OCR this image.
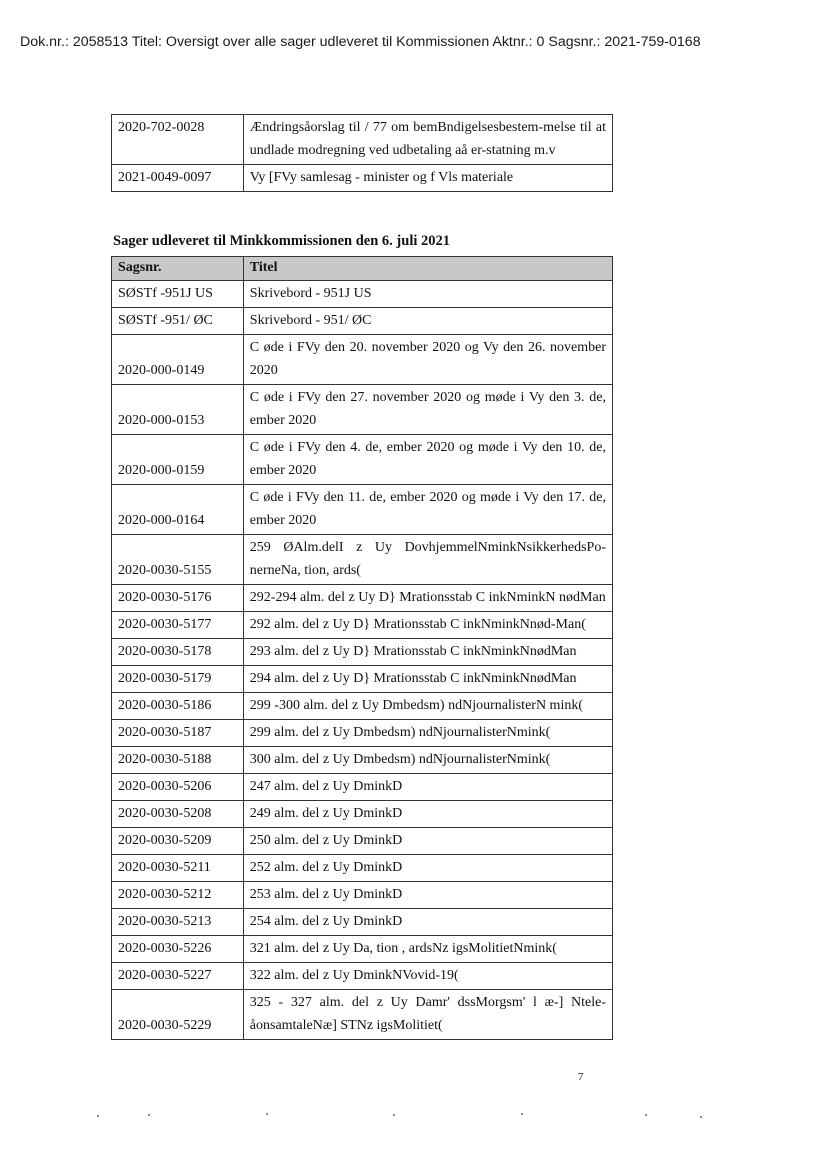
Dok.nr.: 2058513 Titel: Oversigt over alle sager udleveret til Kommissionen Aktnr.: 0 Sagsnr.: 2021-759-0168
2020-702-0028	Ændringsåorslag til / 77 om bemBndigelsesbestem-melse til at undlade modregning ved udbetaling aå er-statning m.v
2021-0049-0097	Vy [FVy samlesag - minister og f Vls materiale
Sager udleveret til Minkkommissionen den 6. juli 2021
Sagsnr.	Titel
SØSTf -951J US	Skrivebord - 951J US
SØSTf -951/ ØC	Skrivebord - 951/ ØC
2020-000-0149	C øde i FVy den 20. november 2020 og Vy den 26. november 2020
2020-000-0153	C øde i FVy den 27. november 2020 og møde i Vy den 3. de, ember 2020
2020-000-0159	C øde i FVy den 4. de, ember 2020 og møde i Vy den 10. de, ember 2020
2020-000-0164	C øde i FVy den 11. de, ember 2020 og møde i Vy den 17. de, ember 2020
2020-0030-5155	259 ØAlm.delI z Uy DovhjemmelNminkNsikkerhedsPo-nerneNa, tion, ards(
2020-0030-5176	292-294 alm. del z Uy D} Mrationsstab C inkNminkN nødMan
2020-0030-5177	292 alm. del z Uy D} Mrationsstab C inkNminkNnød-Man(
2020-0030-5178	293 alm. del z Uy D} Mrationsstab C inkNminkNnødMan
2020-0030-5179	294 alm. del z Uy D} Mrationsstab C inkNminkNnødMan
2020-0030-5186	299 -300 alm. del z Uy Dmbedsm) ndNjournalisterN mink(
2020-0030-5187	299 alm. del z Uy Dmbedsm) ndNjournalisterNmink(
2020-0030-5188	300 alm. del z Uy Dmbedsm) ndNjournalisterNmink(
2020-0030-5206	247 alm. del z Uy DminkD
2020-0030-5208	249 alm. del z Uy DminkD
2020-0030-5209	250 alm. del z Uy DminkD
2020-0030-5211	252 alm. del z Uy DminkD
2020-0030-5212	253 alm. del z Uy DminkD
2020-0030-5213	254 alm. del z Uy DminkD
2020-0030-5226	321 alm. del z Uy Da, tion , ardsNz igsMolitietNmink(
2020-0030-5227	322 alm. del z Uy DminkNVovid-19(
2020-0030-5229	325 - 327 alm. del z Uy Damr' dssMorgsm' l æ-] Ntele-åonsamtaleNæ] STNz igsMolitiet(
7
